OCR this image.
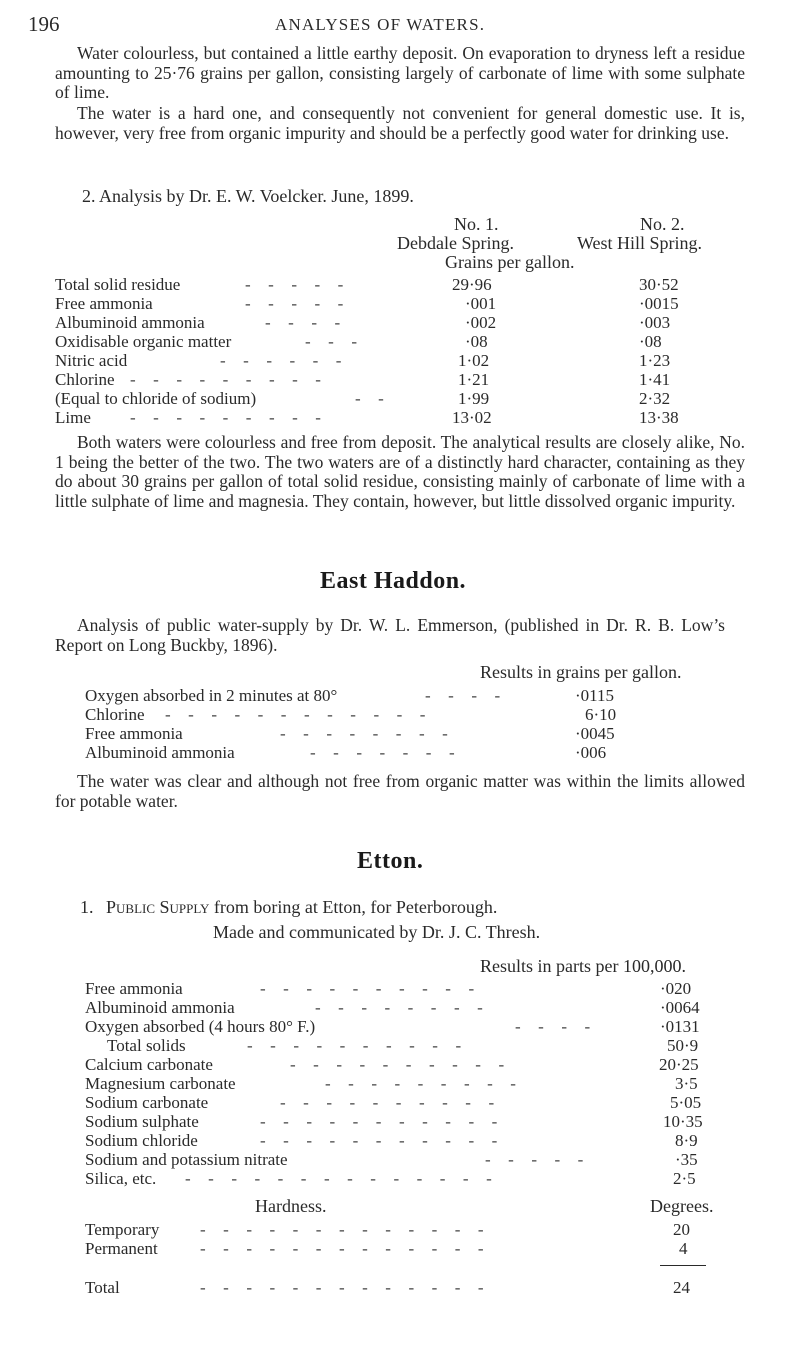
196	ANALYSES OF WATERS.
Water colourless, but contained a little earthy deposit. On evaporation to dryness left a residue amounting to 25·76 grains per gallon, consisting largely of carbonate of lime with some sulphate of lime.
The water is a hard one, and consequently not convenient for general domestic use. It is, however, very free from organic impurity and should be a perfectly good water for drinking use.
2. Analysis by Dr. E. W. Voelcker. June, 1899.
No. 1.	No. 2.
Debdale Spring.	West Hill Spring.
Grains per gallon.
Total solid residue	-  -  -  -  -	29·96	30·52
Free ammonia	-  -  -  -  -	·001	·0015
Albuminoid ammonia	-  -  -  -	·002	·003
Oxidisable organic matter	-  -  -	·08	·08
Nitric acid	-  -  -  -  -  -	1·02	1·23
Chlorine -  -  -  -  -  -  -  -  -	1·21	1·41
(Equal to chloride of sodium)	-  -	1·99	2·32
Lime -  -  -  -  -  -  -  -  -	13·02	13·38
Both waters were colourless and free from deposit. The analytical results are closely alike, No. 1 being the better of the two. The two waters are of a distinctly hard character, containing as they do about 30 grains per gallon of total solid residue, consisting mainly of carbonate of lime with a little sulphate of lime and magnesia. They contain, however, but little dissolved organic impurity.
East Haddon.
Analysis of public water-supply by Dr. W. L. Emmerson, (published in Dr. R. B. Low’s Report on Long Buckby, 1896).
Results in grains per gallon.
Oxygen absorbed in 2 minutes at 80°	-  -  -  -	·0115
Chlorine -  -  -  -  -  -  -  -  -  -  -  -	6·10
Free ammonia	-  -  -  -  -  -  -  -	·0045
Albuminoid ammonia	-  -  -  -  -  -  -	·006
The water was clear and although not free from organic matter was within the limits allowed for potable water.
Etton.
1. Public Supply from boring at Etton, for Peterborough.
Made and communicated by Dr. J. C. Thresh.
Results in parts per 100,000.
Free ammonia	-  -  -  -  -  -  -  -  -  -	·020
Albuminoid ammonia	-  -  -  -  -  -  -  -	·0064
Oxygen absorbed (4 hours 80° F.)	-  -  -  -	·0131
Total solids	-  -  -  -  -  -  -  -  -  -	50·9
Calcium carbonate	-  -  -  -  -  -  -  -  -  -	20·25
Magnesium carbonate	-  -  -  -  -  -  -  -  -	3·5
Sodium carbonate	-  -  -  -  -  -  -  -  -  -	5·05
Sodium sulphate	-  -  -  -  -  -  -  -  -  -  -	10·35
Sodium chloride	-  -  -  -  -  -  -  -  -  -  -	8·9
Sodium and potassium nitrate	-  -  -  -  -	·35
Silica, etc. -  -  -  -  -  -  -  -  -  -  -  -  -  -	2·5
Hardness.	Degrees.
Temporary -  -  -  -  -  -  -  -  -  -  -  -  -	20
Permanent -  -  -  -  -  -  -  -  -  -  -  -  -	4
Total	-  -  -  -  -  -  -  -  -  -  -  -  -	24
